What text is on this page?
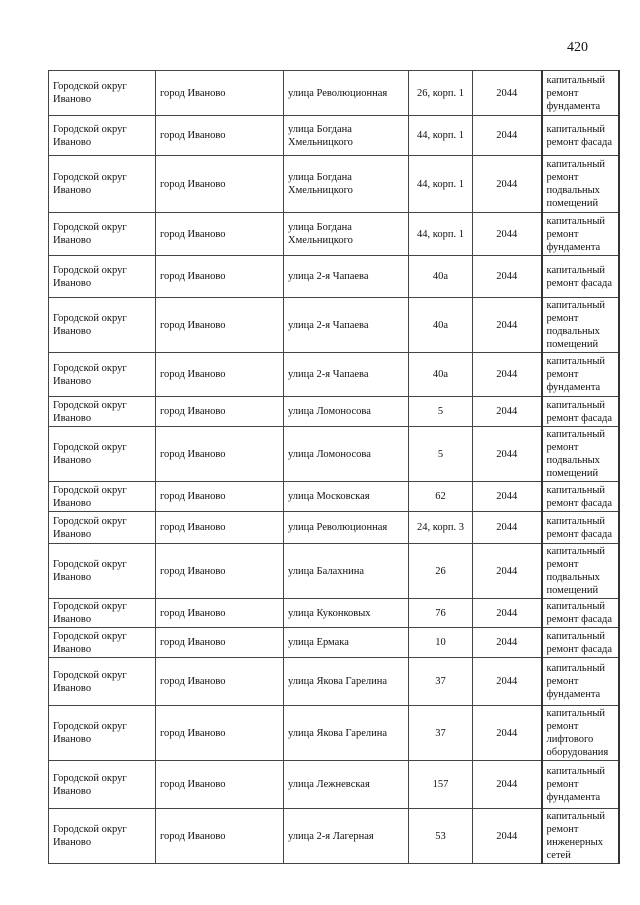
420
Городской округ Иваново	город Иваново	улица Революционная	26, корп. 1	2044	капитальный ремонт фундамента
Городской округ Иваново	город Иваново	улица Богдана Хмельницкого	44, корп. 1	2044	капитальный ремонт фасада
Городской округ Иваново	город Иваново	улица Богдана Хмельницкого	44, корп. 1	2044	капитальный ремонт подвальных помещений
Городской округ Иваново	город Иваново	улица Богдана Хмельницкого	44, корп. 1	2044	капитальный ремонт фундамента
Городской округ Иваново	город Иваново	улица 2-я Чапаева	40а	2044	капитальный ремонт фасада
Городской округ Иваново	город Иваново	улица 2-я Чапаева	40а	2044	капитальный ремонт подвальных помещений
Городской округ Иваново	город Иваново	улица 2-я Чапаева	40а	2044	капитальный ремонт фундамента
Городской округ Иваново	город Иваново	улица Ломоносова	5	2044	капитальный ремонт фасада
Городской округ Иваново	город Иваново	улица Ломоносова	5	2044	капитальный ремонт подвальных помещений
Городской округ Иваново	город Иваново	улица Московская	62	2044	капитальный ремонт фасада
Городской округ Иваново	город Иваново	улица Революционная	24, корп. 3	2044	капитальный ремонт фасада
Городской округ Иваново	город Иваново	улица Балахнина	26	2044	капитальный ремонт подвальных помещений
Городской округ Иваново	город Иваново	улица Куконковых	76	2044	капитальный ремонт фасада
Городской округ Иваново	город Иваново	улица Ермака	10	2044	капитальный ремонт фасада
Городской округ Иваново	город Иваново	улица Якова Гарелина	37	2044	капитальный ремонт фундамента
Городской округ Иваново	город Иваново	улица Якова Гарелина	37	2044	капитальный ремонт лифтового оборудования
Городской округ Иваново	город Иваново	улица Лежневская	157	2044	капитальный ремонт фундамента
Городской округ Иваново	город Иваново	улица 2-я Лагерная	53	2044	капитальный ремонт инженерных сетей
